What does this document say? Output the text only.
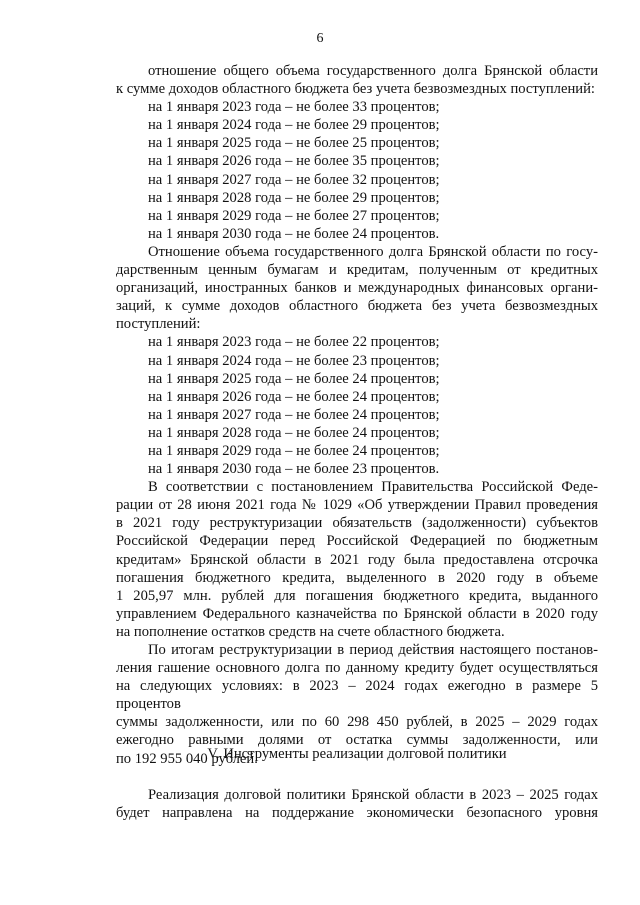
6

отношение общего объема государственного долга Брянской области

к сумме доходов областного бюджета без учета безвозмездных поступлений:

на 1 января 2023 года – не более 33 процентов;

на 1 января 2024 года – не более 29 процентов;

на 1 января 2025 года – не более 25 процентов;

на 1 января 2026 года – не более 35 процентов;

на 1 января 2027 года – не более 32 процентов;

на 1 января 2028 года – не более 29 процентов;

на 1 января 2029 года – не более 27 процентов;

на 1 января 2030 года – не более 24 процентов.

Отношение объема государственного долга Брянской области по госу-

дарственным ценным бумагам и кредитам, полученным от кредитных

организаций, иностранных банков и международных финансовых органи-

заций, к сумме доходов областного бюджета без учета безвозмездных

поступлений:

на 1 января 2023 года – не более 22 процентов;

на 1 января 2024 года – не более 23 процентов;

на 1 января 2025 года – не более 24 процентов;

на 1 января 2026 года – не более 24 процентов;

на 1 января 2027 года – не более 24 процентов;

на 1 января 2028 года – не более 24 процентов;

на 1 января 2029 года – не более 24 процентов;

на 1 января 2030 года – не более 23 процентов.

В соответствии с постановлением Правительства Российской Феде-

рации от 28 июня 2021 года № 1029 «Об утверждении Правил проведения

в 2021 году реструктуризации обязательств (задолженности) субъектов

Российской Федерации перед Российской Федерацией по бюджетным

кредитам» Брянской области в 2021 году была предоставлена отсрочка

погашения бюджетного кредита, выделенного в 2020 году в объеме

1 205,97 млн. рублей для погашения бюджетного кредита, выданного

управлением Федерального казначейства по Брянской области в 2020 году

на пополнение остатков средств на счете областного бюджета.

По итогам реструктуризации в период действия настоящего постанов-

ления гашение основного долга по данному кредиту будет осуществляться

на следующих условиях: в 2023 – 2024 годах ежегодно в размере 5 процентов

суммы задолженности, или по 60 298 450 рублей, в 2025 – 2029 годах

ежегодно равными долями от остатка суммы задолженности, или

по 192 955 040 рублей.

V. Инструменты реализации долговой политики

Реализация долговой политики Брянской области в 2023 – 2025 годах

будет направлена на поддержание экономически безопасного уровня
